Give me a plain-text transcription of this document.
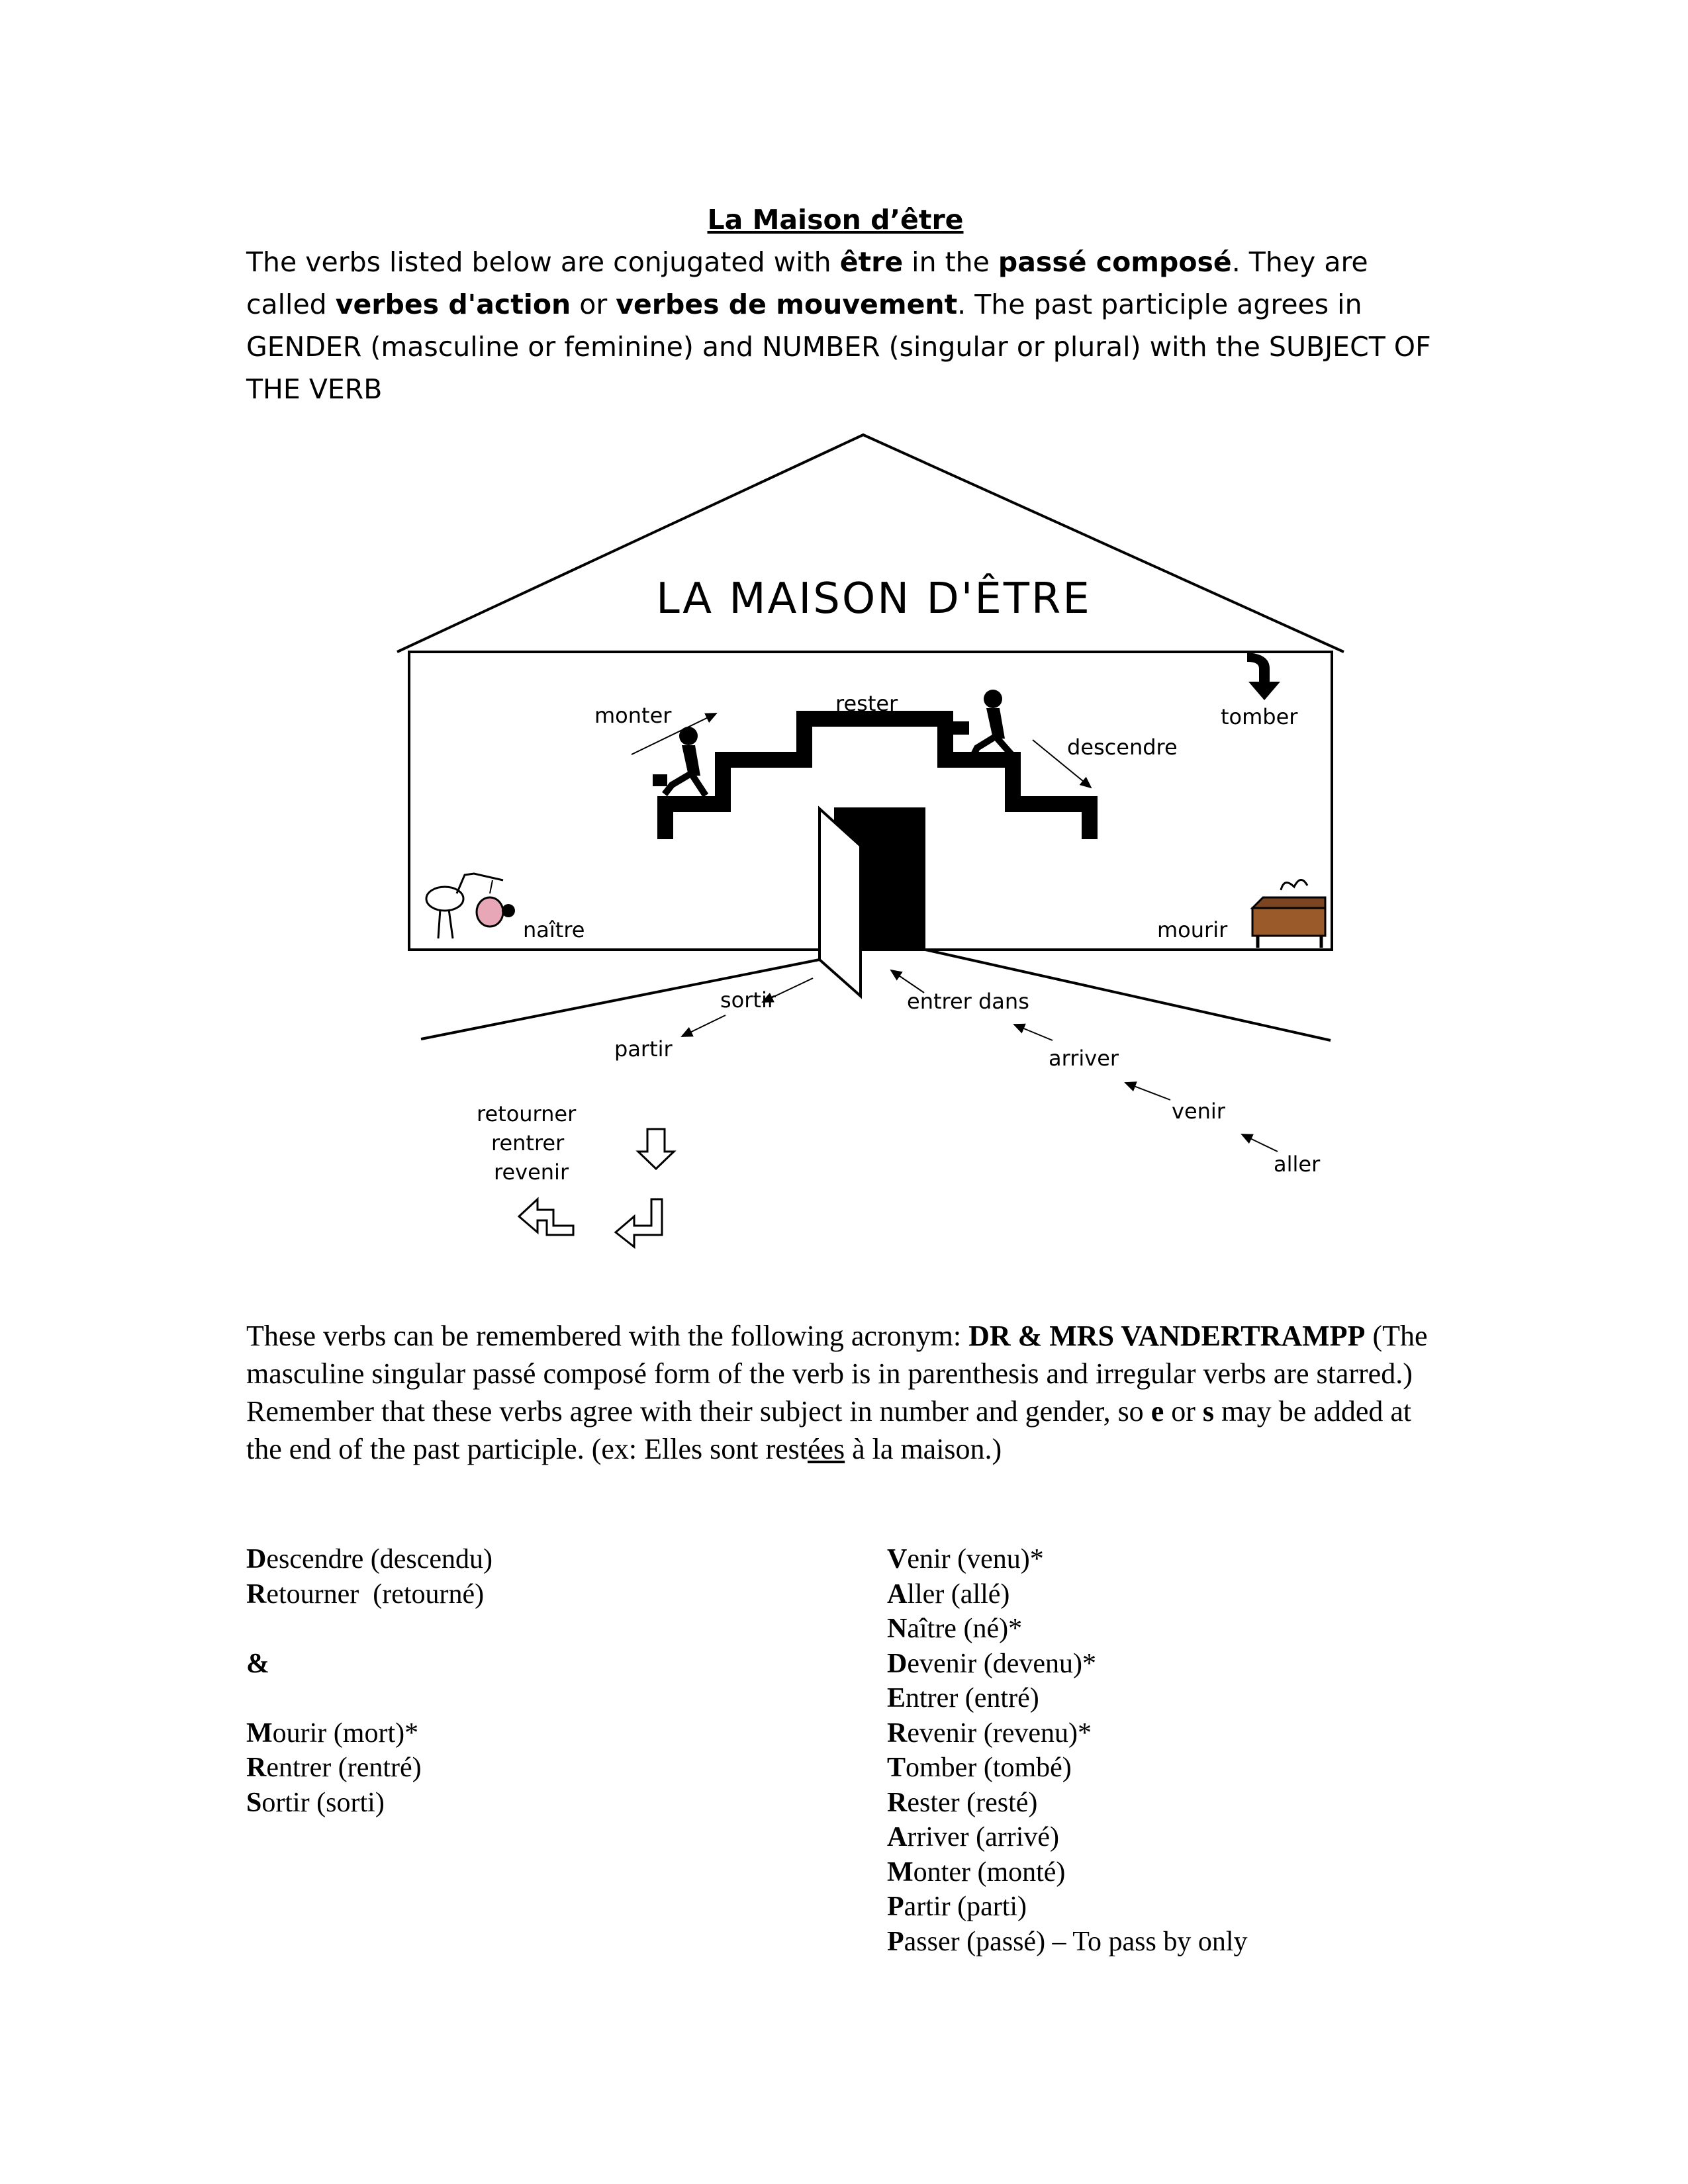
La Maison d’être
The verbs listed below are conjugated with être in the passé composé. They are called verbes d'action or verbes de mouvement. The past participle agrees in GENDER (masculine or feminine) and NUMBER (singular or plural) with the SUBJECT OF THE VERB
LA MAISON D'ÊTRE
monter	rester
descendre
tomber
naître	mourir
sortir
partir
entrer dans
arriver
venir
aller
retourner
rentrer
revenir
These verbs can be remembered with the following acronym: DR & MRS VANDERTRAMPP (The masculine singular passé composé form of the verb is in parenthesis and irregular verbs are starred.) Remember that these verbs agree with their subject in number and gender, so e or s may be added at the end of the past participle. (ex: Elles sont restées à la maison.)
Descendre (descendu)
Retourner  (retourné)
&
Mourir (mort)*
Rentrer (rentré)
Sortir (sorti)
Venir (venu)*
Aller (allé)
Naître (né)*
Devenir (devenu)*
Entrer (entré)
Revenir (revenu)*
Tomber (tombé)
Rester (resté)
Arriver (arrivé)
Monter (monté)
Partir (parti)
Passer (passé) – To pass by only
